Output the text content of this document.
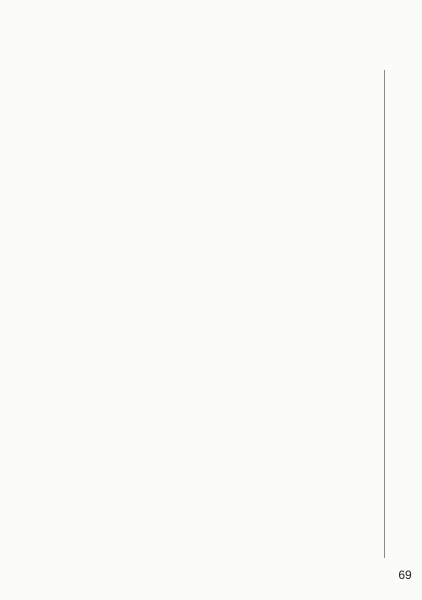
69
